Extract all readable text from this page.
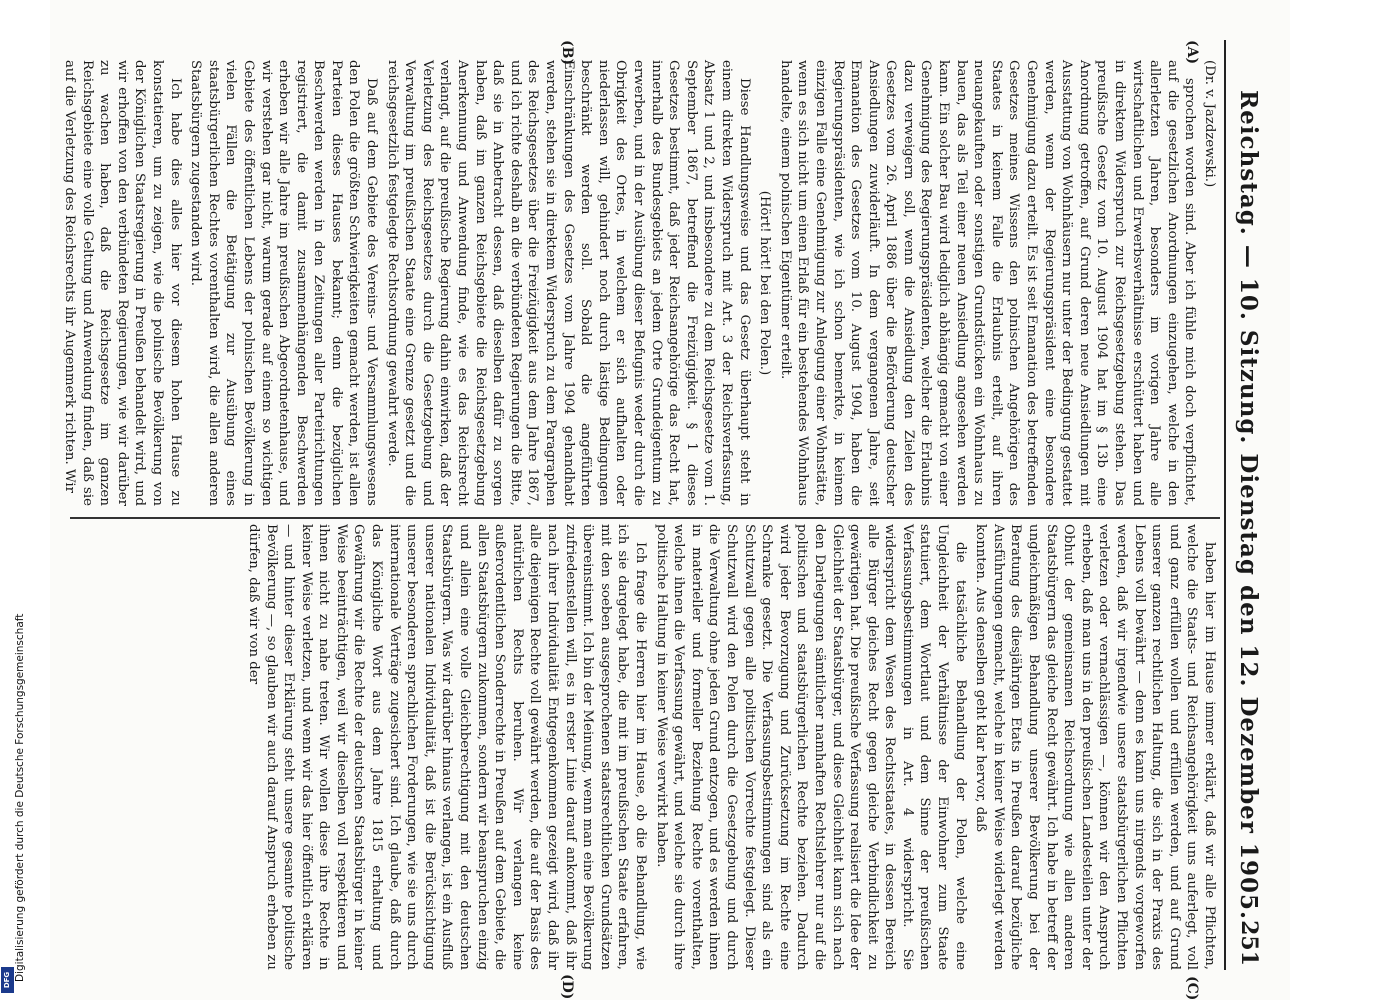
Reichstag. — 10. Sitzung. Dienstag den 12. Dezember 1905.
251
(A)
(B)
(C)
(D)

(Dr. v. Jazdzewski.)

sprochen worden sind. Aber ich fühle mich doch verpflichtet, auf die gesetzlichen Anordnungen einzugehen, welche in den allerletzten Jahren, besonders im vorigen Jahre alle wirtschaftlichen und Erwerbsverhältnisse erschüttert haben und in direktem Widerspruch zur Reichsgesetzgebung stehen. Das preußische Gesetz vom 10. August 1904 hat im § 13b eine Anordnung getroffen, auf Grund deren neue Ansiedlungen mit Ausstattung von Wohnhäusern nur unter der Bedingung gestattet werden, wenn der Regierungspräsident eine besondere Genehmigung dazu erteilt. Es ist seit Emanation des betreffenden Gesetzes meines Wissens den polnischen Angehörigen des Staates in keinem Falle die Erlaubnis erteilt, auf ihren neuangekauften oder sonstigen Grundstücken ein Wohnhaus zu bauen, das als Teil einer neuen Ansiedlung angesehen werden kann. Ein solcher Bau wird lediglich abhängig gemacht von einer Genehmigung des Regierungspräsidenten, welcher die Erlaubnis dazu verweigern soll, wenn die Ansiedlung den Zielen des Gesetzes vom 26. April 1886 über die Beförderung deutscher Ansiedlungen zuwiderläuft. In dem vergangenen Jahre, seit Emanation des Gesetzes vom 10. August 1904, haben die Regierungspräsidenten, wie ich schon bemerkte, in keinem einzigen Falle eine Genehmigung zur Anlegung einer Wohnstätte, wenn es sich nicht um einen Erlaß für ein bestehendes Wohnhaus handelte, einem polnischen Eigentümer erteilt.

(Hört! hört! bei den Polen.)

Diese Handlungsweise und das Gesetz überhaupt steht in einem direkten Widerspruch mit Art. 3 der Reichsverfassung, Absatz 1 und 2, und insbesondere zu dem Reichsgesetze vom 1. September 1867, betreffend die Freizügigkeit. § 1 dieses Gesetzes bestimmt, daß jeder Reichsangehörige das Recht hat, innerhalb des Bundesgebiets an jedem Orte Grundeigentum zu erwerben, und in der Ausübung dieser Befugnis weder durch die Obrigkeit des Ortes, in welchem er sich aufhalten oder niederlassen will, gehindert noch durch lästige Bedingungen beschränkt werden soll. Sobald die angeführten Einschränkungen des Gesetzes vom Jahre 1904 gehandhabt werden, stehen sie in direktem Widerspruch zu dem Paragraphen des Reichsgesetzes über die Freizügigkeit aus dem Jahre 1867, und ich richte deshalb an die verbündeten Regierungen die Bitte, daß sie in Anbetracht dessen, daß dieselben dafür zu sorgen haben, daß im ganzen Reichsgebiete die Reichsgesetzgebung Anerkennung und Anwendung finde, wie es das Reichsrecht verlangt, auf die preußische Regierung dahin einwirken, daß der Verletzung des Reichsgesetzes durch die Gesetzgebung und Verwaltung im preußischen Staate eine Grenze gesetzt und die reichsgesetzlich festgelegte Rechtsordnung gewahrt werde.

Daß auf dem Gebiete des Vereins- und Versammlungswesens den Polen die größten Schwierigkeiten gemacht werden, ist allen Parteien dieses Hauses bekannt; denn die bezüglichen Beschwerden werden in den Zeitungen aller Parteirichtungen registriert, die damit zusammenhängenden Beschwerden erheben wir alle Jahre im preußischen Abgeordnetenhause, und wir verstehen gar nicht, warum gerade auf einem so wichtigen Gebiete des öffentlichen Lebens der polnischen Bevölkerung in vielen Fällen die Betätigung zur Ausübung eines staatsbürgerlichen Rechtes vorenthalten wird, die allen anderen Staatsbürgern zugestanden wird.

Ich habe dies alles hier vor diesem hohen Hause zu konstatieren, um zu zeigen, wie die polnische Bevölkerung von der Königlichen Staatsregierung in Preußen behandelt wird, und wir erhoffen von den verbündeten Regierungen, wie wir darüber zu wachen haben, daß die Reichsgesetze im ganzen Reichsgebiete eine volle Geltung und Anwendung finden, daß sie auf die Verletzung des Reichsrechts ihr Augenmerk richten. Wir

haben hier im Hause immer erklärt, daß wir alle Pflichten, welche die Staats- und Reichsangehörigkeit uns auferlegt, voll und ganz erfüllen wollen und erfüllen werden, und auf Grund unserer ganzen rechtlichen Haltung, die sich in der Praxis des Lebens voll bewährt — denn es kann uns nirgends vorgeworfen werden, daß wir irgendwie unsere staatsbürgerlichen Pflichten verletzen oder vernachlässigen —, können wir den Anspruch erheben, daß man uns in den preußischen Landesteilen unter der Obhut der gemeinsamen Reichsordnung wie allen anderen Staatsbürgern das gleiche Recht gewährt. Ich habe in betreff der ungleichmäßigen Behandlung unserer Bevölkerung bei der Beratung des diesjährigen Etats in Preußen darauf bezügliche Ausführungen gemacht, welche in keiner Weise widerlegt werden konnten. Aus denselben geht klar hervor, daß

die tatsächliche Behandlung der Polen, welche eine Ungleichheit der Verhältnisse der Einwohner zum Staate statuiert, dem Wortlaut und dem Sinne der preußischen Verfassungsbestimmungen in Art. 4 widerspricht. Sie widerspricht dem Wesen des Rechtsstaates, in dessen Bereich alle Bürger gleiches Recht gegen gleiche Verbindlichkeit zu gewärtigen hat. Die preußische Verfassung realisiert die Idee der Gleichheit der Staatsbürger, und diese Gleichheit kann sich nach den Darlegungen sämtlicher namhaften Rechtslehrer nur auf die politischen und staatsbürgerlichen Rechte beziehen. Dadurch wird jeder Bevorzugung und Zurücksetzung im Rechte eine Schranke gesetzt. Die Verfassungsbestimmungen sind als ein Schutzwall gegen alle politischen Vorrechte festgelegt. Dieser Schutzwall wird den Polen durch die Gesetzgebung und durch die Verwaltung ohne jeden Grund entzogen, und es werden ihnen in materieller und formeller Beziehung Rechte vorenthalten, welche ihnen die Verfassung gewährt, und welche sie durch ihre politische Haltung in keiner Weise verwirkt haben.

Ich frage die Herren hier im Hause, ob die Behandlung, wie ich sie dargelegt habe, die mit im preußischen Staate erfahren, mit den soeben ausgesprochenen staatsrechtlichen Grundsätzen übereinstimmt. Ich bin der Meinung, wenn man eine Bevölkerung zufriedenstellen will, es in erster Linie darauf ankommt, daß ihr nach ihrer Individualität Entgegenkommen gezeigt wird, daß ihr alle diejenigen Rechte voll gewährt werden, die auf der Basis des natürlichen Rechts beruhen. Wir verlangen keine außerordentlichen Sonderrechte in Preußen auf dem Gebiete, die allen Staatsbürgern zukommen, sondern wir beanspruchen einzig und allein eine volle Gleichberechtigung mit den deutschen Staatsbürgern. Was wir darüber hinaus verlangen, ist ein Ausfluß unserer nationalen Individualität, daß ist die Berücksichtigung unserer besonderen sprachlichen Forderungen, wie sie uns durch internationale Verträge zugesichert sind. Ich glaube, daß durch das Königliche Wort aus dem Jahre 1815 erhaltung und Gewährung wir die Rechte der deutschen Staatsbürger in keiner Weise beeinträchtigen, weil wir dieselben voll respektieren und ihnen nicht zu nahe treten. Wir wollen diese ihre Rechte in keiner Weise verletzen, und wenn wir das hier öffentlich erklären — und hinter dieser Erklärung steht unsere gesamte politische Bevölkerung —, so glauben wir auch darauf Anspruch erheben zu dürfen, daß wir von der

Digitalisierung gefördert durch die Deutsche Forschungsgemeinschaft
DFG
